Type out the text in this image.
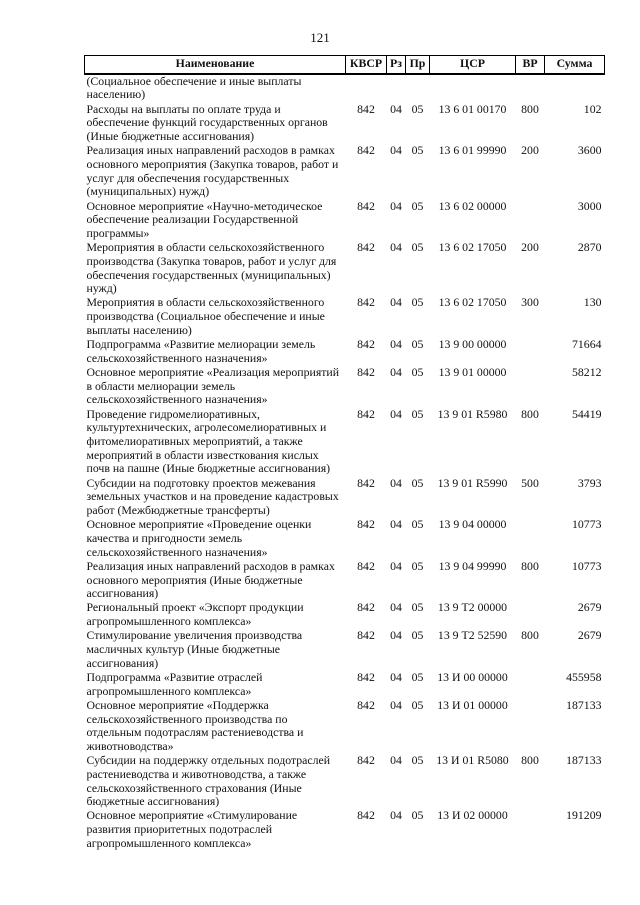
121
Наименование	КВСР	Рз	Пр	ЦСР	ВР	Сумма
(Социальное обеспечение и иные выплаты населению)						
Расходы на выплаты по оплате труда и обеспечение функций государственных органов (Иные бюджетные ассигнования)	842	04	05	13 6 01 00170	800	102
Реализация иных направлений расходов в рамках основного мероприятия (Закупка товаров, работ и услуг для обеспечения государственных (муниципальных) нужд)	842	04	05	13 6 01 99990	200	3600
Основное мероприятие «Научно-методическое обеспечение реализации Государственной программы»	842	04	05	13 6 02 00000		3000
Мероприятия в области сельскохозяйственного производства (Закупка товаров, работ и услуг для обеспечения государственных (муниципальных) нужд)	842	04	05	13 6 02 17050	200	2870
Мероприятия в области сельскохозяйственного производства (Социальное обеспечение и иные выплаты населению)	842	04	05	13 6 02 17050	300	130
Подпрограмма «Развитие мелиорации земель сельскохозяйственного назначения»	842	04	05	13 9 00 00000		71664
Основное мероприятие «Реализация мероприятий в области мелиорации земель сельскохозяйственного назначения»	842	04	05	13 9 01 00000		58212
Проведение гидромелиоративных, культуртехнических, агролесомелиоративных и фитомелиоративных мероприятий, а также мероприятий в области известкования кислых почв на пашне (Иные бюджетные ассигнования)	842	04	05	13 9 01 R5980	800	54419
Субсидии на подготовку проектов межевания земельных участков и на проведение кадастровых работ (Межбюджетные трансферты)	842	04	05	13 9 01 R5990	500	3793
Основное мероприятие «Проведение оценки качества и пригодности земель сельскохозяйственного назначения»	842	04	05	13 9 04 00000		10773
Реализация иных направлений расходов в рамках основного мероприятия (Иные бюджетные ассигнования)	842	04	05	13 9 04 99990	800	10773
Региональный проект «Экспорт продукции агропромышленного комплекса»	842	04	05	13 9 Т2 00000		2679
Стимулирование увеличения производства масличных культур (Иные бюджетные ассигнования)	842	04	05	13 9 Т2 52590	800	2679
Подпрограмма «Развитие отраслей агропромышленного комплекса»	842	04	05	13 И 00 00000		455958
Основное мероприятие «Поддержка сельскохозяйственного производства по отдельным подотраслям растениеводства и животноводства»	842	04	05	13 И 01 00000		187133
Субсидии на поддержку отдельных подотраслей растениеводства и животноводства, а также сельскохозяйственного страхования (Иные бюджетные ассигнования)	842	04	05	13 И 01 R5080	800	187133
Основное мероприятие «Стимулирование развития приоритетных подотраслей агропромышленного комплекса»	842	04	05	13 И 02 00000		191209
